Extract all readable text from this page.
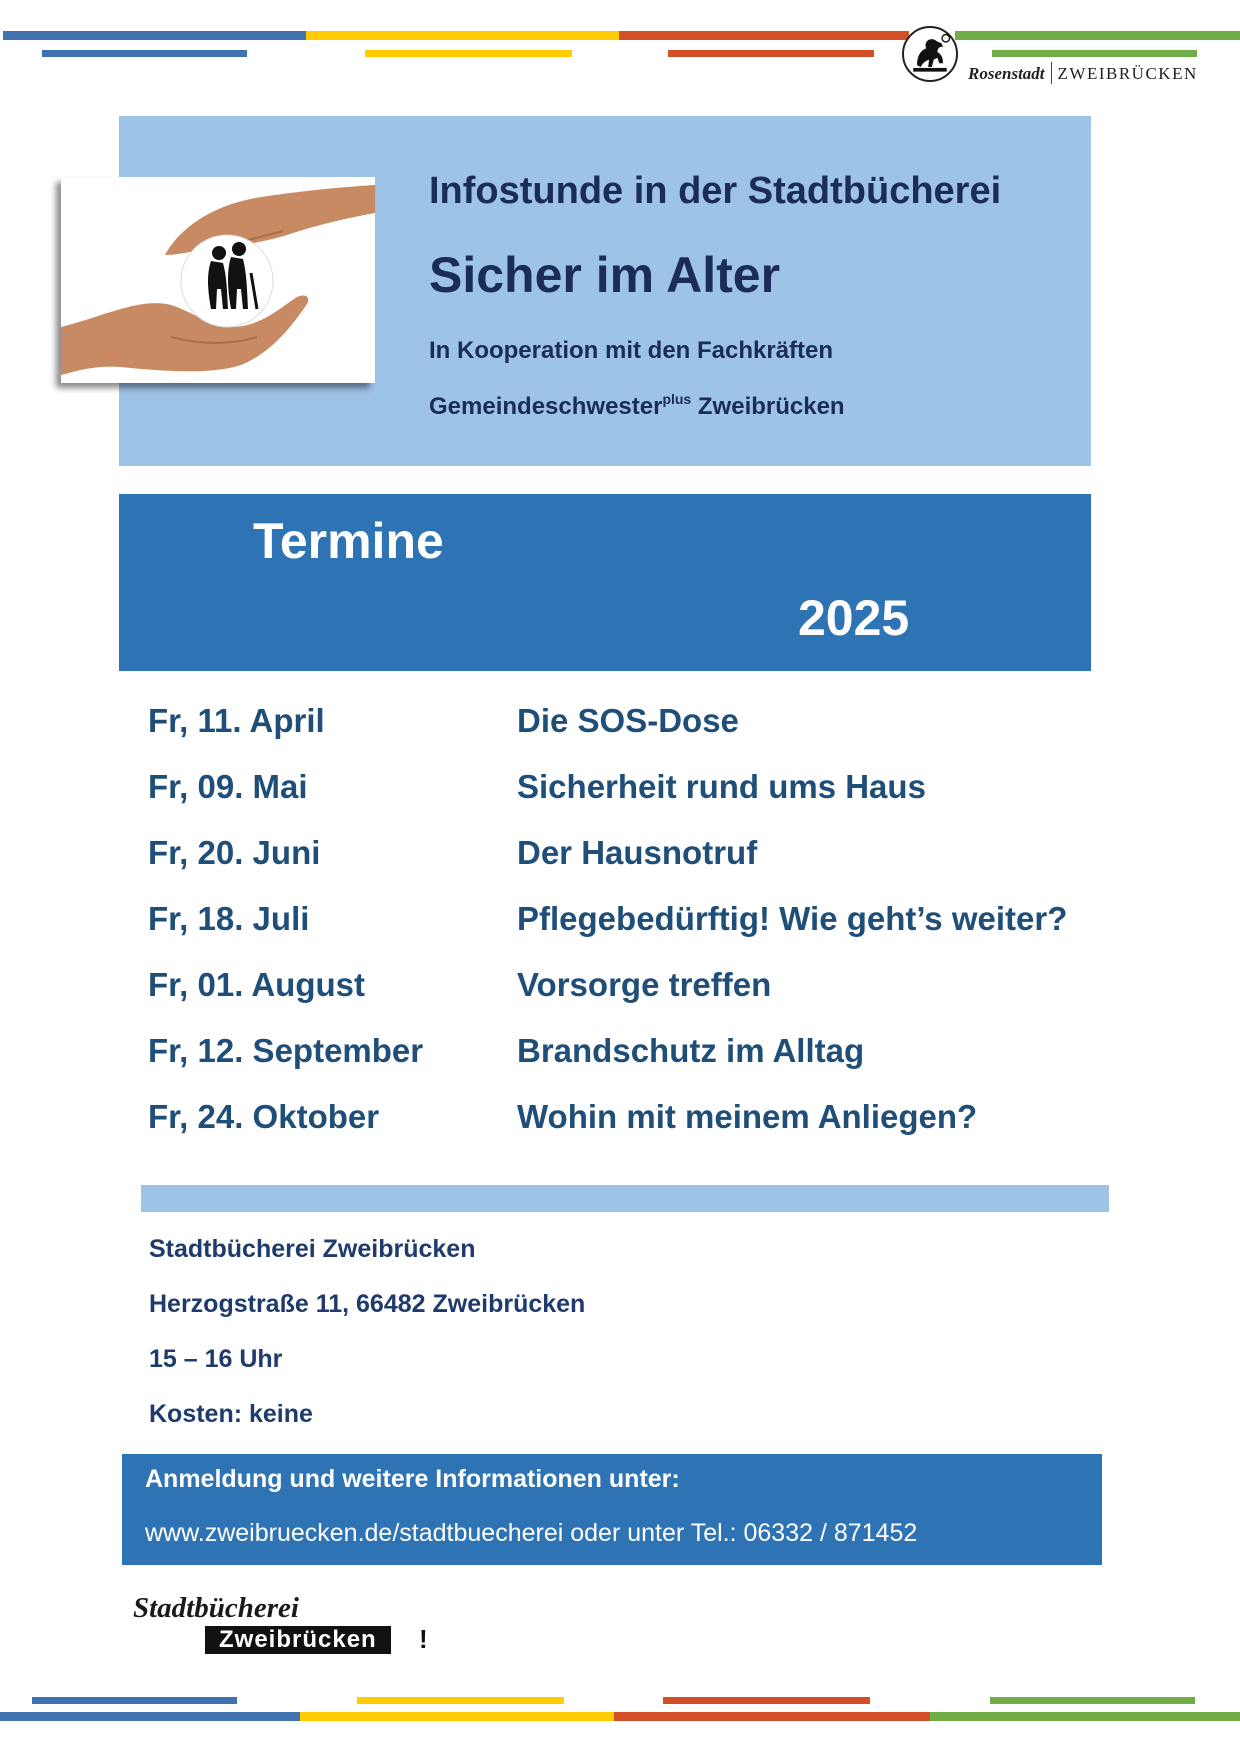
Rosenstadt ZWEIBRÜCKEN
Infostunde in der Stadtbücherei
Sicher im Alter
In Kooperation mit den Fachkräften
Gemeindeschwester$^{plus}$ Zweibrücken
Termine
2025
Fr, 11. April	Die SOS-Dose
Fr, 09. Mai	Sicherheit rund ums Haus
Fr, 20. Juni	Der Hausnotruf
Fr, 18. Juli	Pflegebedürftig! Wie geht’s weiter?
Fr, 01. August	Vorsorge treffen
Fr, 12. September	Brandschutz im Alltag
Fr, 24. Oktober	Wohin mit meinem Anliegen?
Stadtbücherei Zweibrücken
Herzogstraße 11, 66482 Zweibrücken
15 – 16 Uhr
Kosten: keine
Anmeldung und weitere Informationen unter:
www.zweibruecken.de/stadtbuecherei oder unter Tel.: 06332 / 871452
Stadtbücherei
Zweibrücken	!
